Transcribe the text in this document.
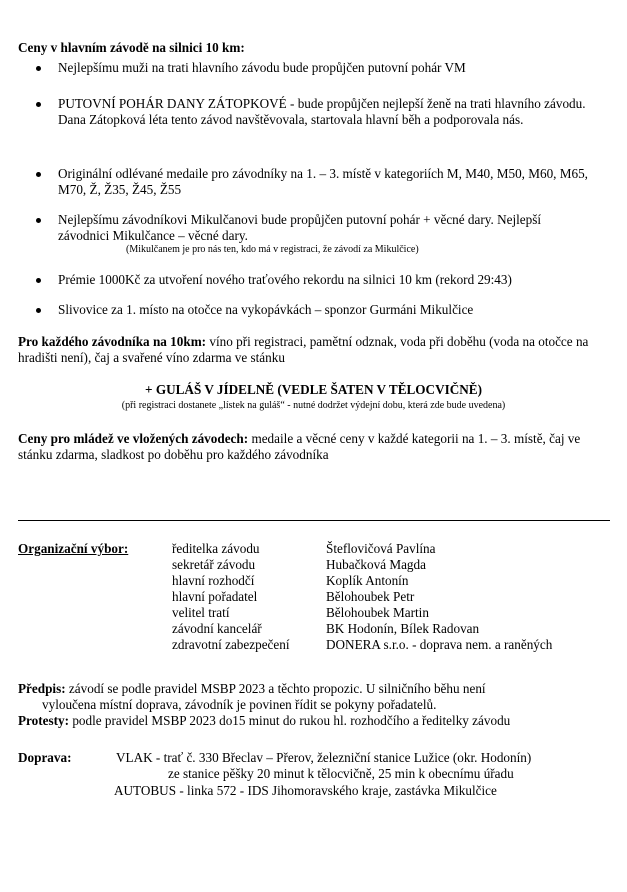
Ceny v hlavním závodě na silnici 10 km:
Nejlepšímu muži na trati hlavního závodu bude propůjčen putovní pohár VM
PUTOVNÍ POHÁR DANY ZÁTOPKOVÉ - bude propůjčen nejlepší ženě na trati hlavního závodu. Dana Zátopková léta tento závod navštěvovala, startovala hlavní běh a podporovala nás.
Originální odlévané medaile pro závodníky na 1. – 3. místě v kategoriích M, M40, M50, M60, M65, M70, Ž, Ž35, Ž45, Ž55
Nejlepšímu závodníkovi Mikulčanovi bude propůjčen putovní pohár + věcné dary. Nejlepší závodnici Mikulčance – věcné dary.
(Mikulčanem je pro nás ten, kdo má v registraci, že závodí za Mikulčice)
Prémie 1000Kč za utvoření nového traťového rekordu na silnici 10 km (rekord 29:43)
Slivovice za 1. místo na otočce na vykopávkách – sponzor Gurmáni Mikulčice
Pro každého závodníka na 10km: víno při registraci, pamětní odznak, voda při doběhu (voda na otočce na hradišti není), čaj a svařené víno zdarma ve stánku
+ GULÁŠ V JÍDELNĚ (VEDLE ŠATEN V TĚLOCVIČNĚ)
(při registraci dostanete „lístek na guláš“ - nutné dodržet výdejní dobu, která zde bude uvedena)
Ceny pro mládež ve vložených závodech: medaile a věcné ceny v každé kategorii na 1. – 3. místě, čaj ve stánku zdarma, sladkost po doběhu pro každého závodníka
Organizační výbor:	ředitelka závodu
sekretář závodu
hlavní rozhodčí
hlavní pořadatel
velitel tratí
závodní kancelář
zdravotní zabezpečení
Šteflovičová Pavlína
Hubačková Magda
Koplík Antonín
Bělohoubek Petr
Bělohoubek Martin
BK Hodonín, Bílek Radovan
DONERA s.r.o. - doprava nem. a raněných
Předpis: závodí se podle pravidel MSBP 2023 a těchto propozic. U silničního běhu není
vyloučena místní doprava, závodník je povinen řídit se pokyny pořadatelů.
Protesty: podle pravidel MSBP 2023 do15 minut do rukou hl. rozhodčího a ředitelky závodu
Doprava:	VLAK - trať č. 330 Břeclav – Přerov, železniční stanice Lužice (okr. Hodonín)
ze stanice pěšky 20 minut k tělocvičně, 25 min k obecnímu úřadu
AUTOBUS - linka 572 - IDS Jihomoravského kraje, zastávka Mikulčice
